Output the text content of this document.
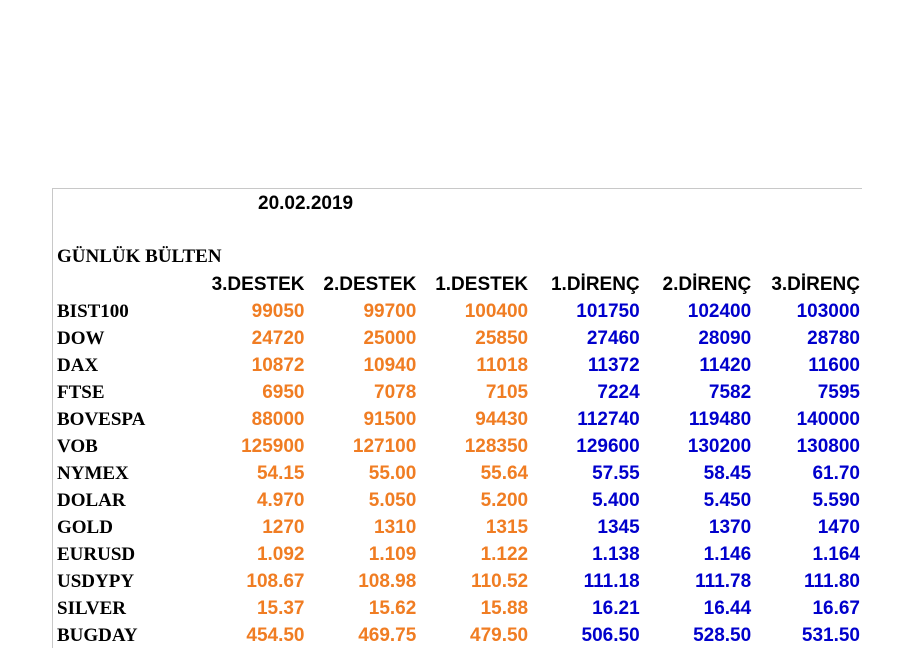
20.02.2019
GÜNLÜK BÜLTEN
	3.DESTEK	2.DESTEK	1.DESTEK	1.DİRENÇ	2.DİRENÇ	3.DİRENÇ
BIST100	99050	99700	100400	101750	102400	103000
DOW	24720	25000	25850	27460	28090	28780
DAX	10872	10940	11018	11372	11420	11600
FTSE	6950	7078	7105	7224	7582	7595
BOVESPA	88000	91500	94430	112740	119480	140000
VOB	125900	127100	128350	129600	130200	130800
NYMEX	54.15	55.00	55.64	57.55	58.45	61.70
DOLAR	4.970	5.050	5.200	5.400	5.450	5.590
GOLD	1270	1310	1315	1345	1370	1470
EURUSD	1.092	1.109	1.122	1.138	1.146	1.164
USDYPY	108.67	108.98	110.52	111.18	111.78	111.80
SILVER	15.37	15.62	15.88	16.21	16.44	16.67
BUGDAY	454.50	469.75	479.50	506.50	528.50	531.50
